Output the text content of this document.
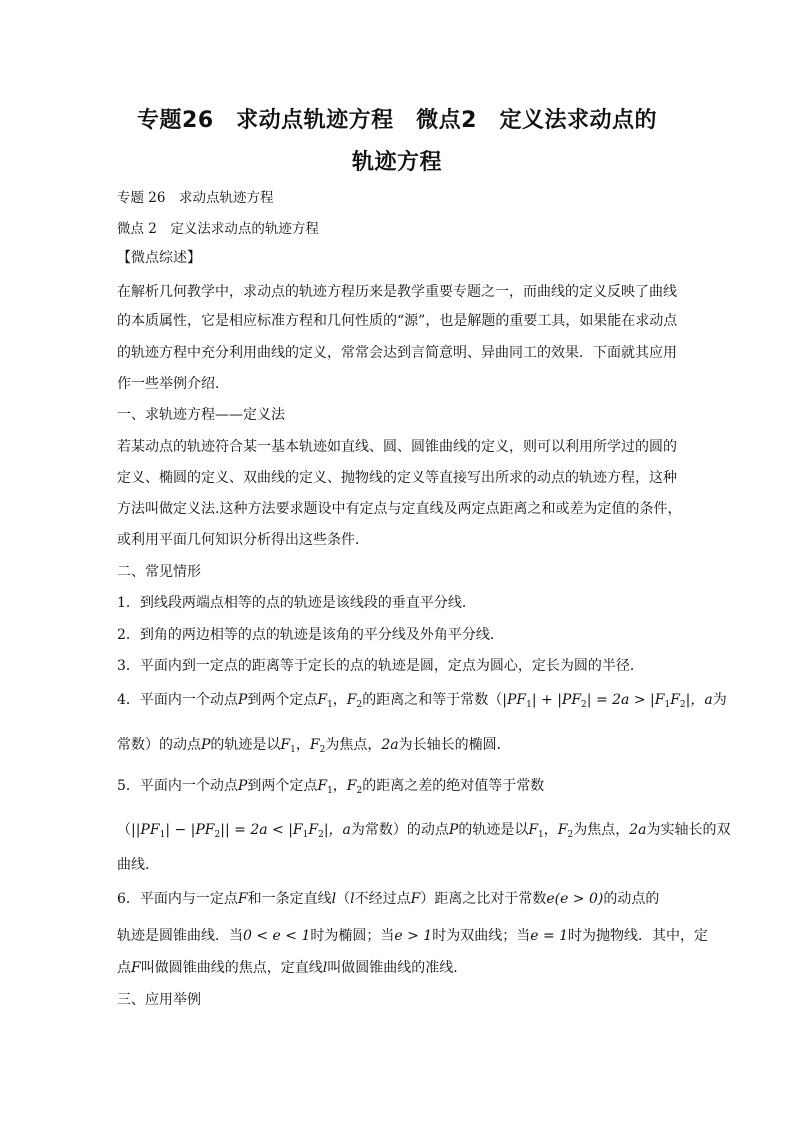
专题26　求动点轨迹方程　微点2　定义法求动点的
轨迹方程
专题 26　求动点轨迹方程
微点 2　定义法求动点的轨迹方程
【微点综述】
在解析几何教学中，求动点的轨迹方程历来是教学重要专题之一，而曲线的定义反映了曲线
的本质属性，它是相应标准方程和几何性质的“源”，也是解题的重要工具，如果能在求动点
的轨迹方程中充分利用曲线的定义，常常会达到言简意明、异曲同工的效果．下面就其应用
作一些举例介绍．
一、求轨迹方程——定义法
若某动点的轨迹符合某一基本轨迹如直线、圆、圆锥曲线的定义，则可以利用所学过的圆的
定义、椭圆的定义、双曲线的定义、抛物线的定义等直接写出所求的动点的轨迹方程，这种
方法叫做定义法.这种方法要求题设中有定点与定直线及两定点距离之和或差为定值的条件，
或利用平面几何知识分析得出这些条件．
二、常见情形
1．到线段两端点相等的点的轨迹是该线段的垂直平分线．
2．到角的两边相等的点的轨迹是该角的平分线及外角平分线．
3．平面内到一定点的距离等于定长的点的轨迹是圆，定点为圆心，定长为圆的半径．
4．平面内一个动点P到两个定点$F_1$，$F_2$的距离之和等于常数（$|PF_1| + |PF_2| = 2a > |F_1F_2|$，a为
常数）的动点P的轨迹是以$F_1$，$F_2$为焦点，2a为长轴长的椭圆．
5．平面内一个动点P到两个定点$F_1$，$F_2$的距离之差的绝对值等于常数
（$||PF_1| - |PF_2|| = 2a < |F_1F_2|$，a为常数）的动点P的轨迹是以$F_1$，$F_2$为焦点，2a为实轴长的双
曲线．
6．平面内与一定点F和一条定直线l（l不经过点F）距离之比对于常数e(e > 0)的动点的
轨迹是圆锥曲线．当0 < e < 1时为椭圆；当e > 1时为双曲线；当e = 1时为抛物线．其中，定
点F叫做圆锥曲线的焦点，定直线l叫做圆锥曲线的准线．
三、应用举例
